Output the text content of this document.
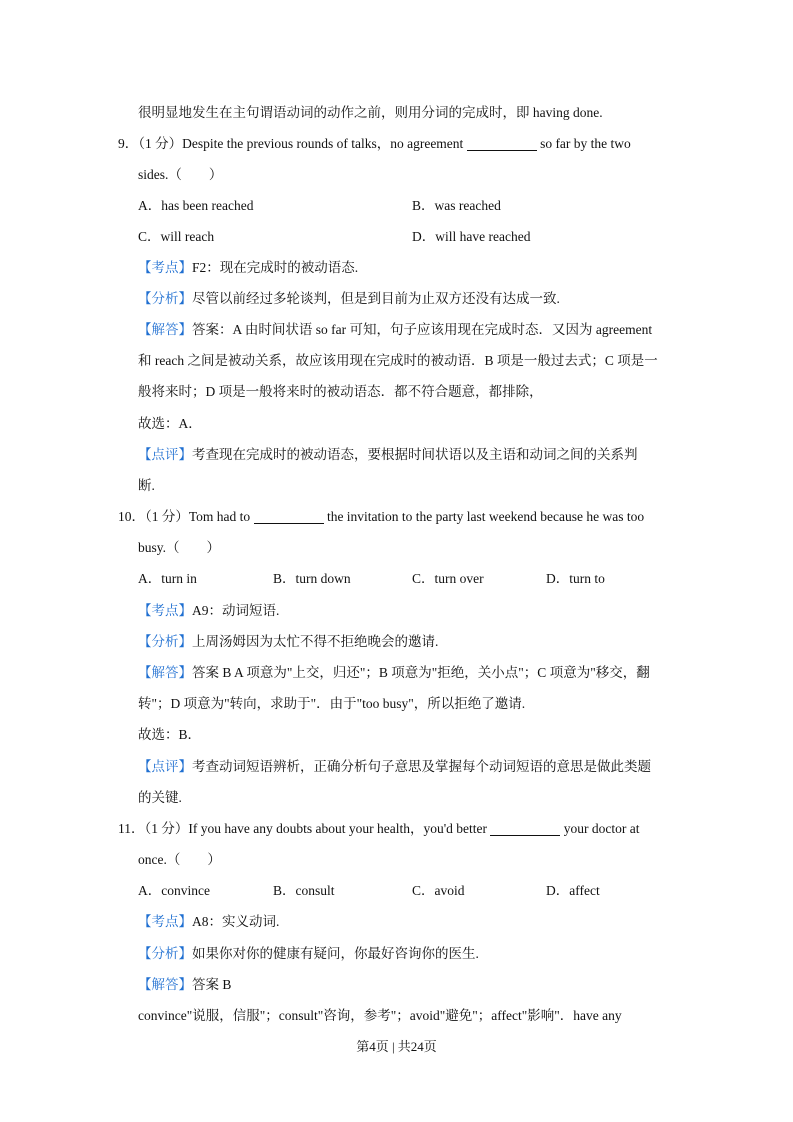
很明显地发生在主句谓语动词的动作之前，则用分词的完成时，即 having done.
9．（1 分）Despite the previous rounds of talks，no agreement	so far by the two
sides.（　　）
A．has been reached	B．was reached
C．will reach	D．will have reached
【考点】F2：现在完成时的被动语态.
【分析】尽管以前经过多轮谈判，但是到目前为止双方还没有达成一致.
【解答】答案：A 由时间状语 so far 可知，句子应该用现在完成时态．又因为 agreement
和 reach 之间是被动关系，故应该用现在完成时的被动语．B 项是一般过去式；C 项是一
般将来时；D 项是一般将来时的被动语态．都不符合题意，都排除，
故选：A．
【点评】考查现在完成时的被动语态，要根据时间状语以及主语和动词之间的关系判
断.
10．（1 分）Tom had to	the invitation to the party last weekend because he was too
busy.（　　）
A．turn in	B．turn down	C．turn over	D．turn to
【考点】A9：动词短语.
【分析】上周汤姆因为太忙不得不拒绝晚会的邀请.
【解答】答案 B A 项意为"上交，归还"；B 项意为"拒绝，关小点"；C 项意为"移交，翻
转"；D 项意为"转向，求助于"．由于"too busy"，所以拒绝了邀请.
故选：B．
【点评】考查动词短语辨析，正确分析句子意思及掌握每个动词短语的意思是做此类题
的关键.
11．（1 分）If you have any doubts about your health，you'd better	your doctor at
once.（　　）
A．convince	B．consult	C．avoid	D．affect
【考点】A8：实义动词.
【分析】如果你对你的健康有疑问，你最好咨询你的医生.
【解答】答案 B
convince"说服，信服"；consult"咨询，参考"；avoid"避免"；affect"影响"．have any
第4页 | 共24页
